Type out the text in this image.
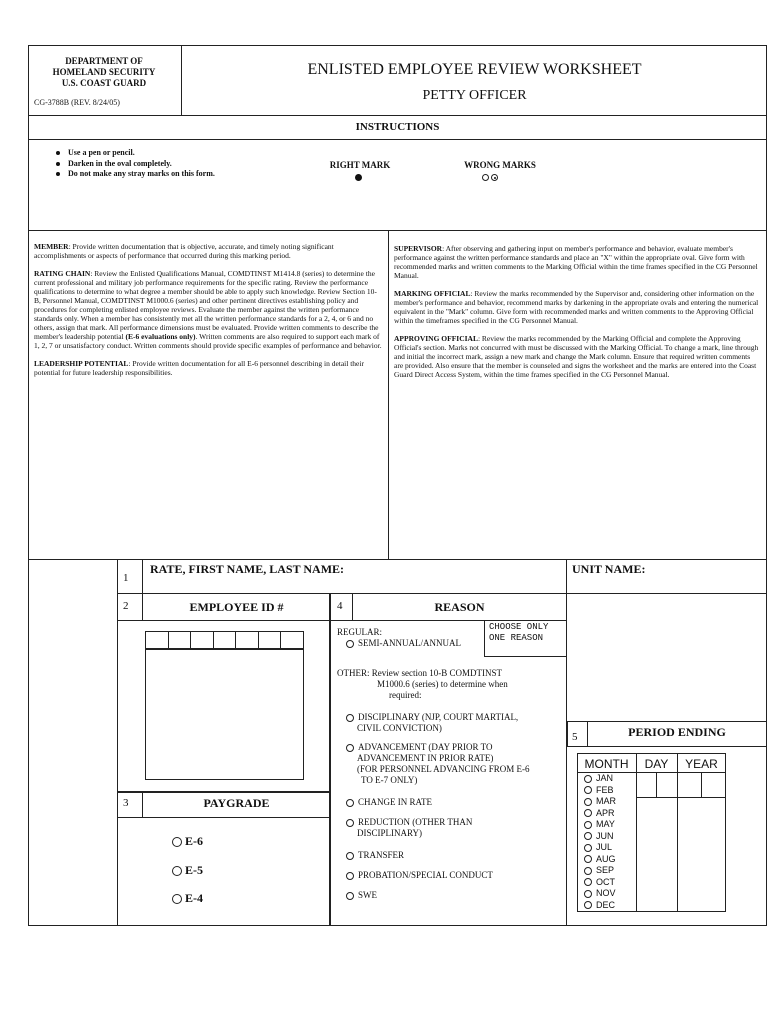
DEPARTMENT OF
HOMELAND SECURITY
U.S. COAST GUARD
CG-3788B (REV. 8/24/05)
ENLISTED EMPLOYEE REVIEW WORKSHEET
PETTY OFFICER
INSTRUCTIONS
Use a pen or pencil.
Darken in the oval completely.
Do not make any stray marks on this form.
RIGHT MARK	WRONG MARKS

MEMBER: Provide written documentation that is objective, accurate, and timely noting significant accomplishments or aspects of performance that occurred during this marking period.

RATING CHAIN: Review the Enlisted Qualifications Manual, COMDTINST M1414.8 (series) to determine the current professional and military job performance requirements for the specific rating. Review the performance qualifications to determine to what degree a member should be able to apply such knowledge. Review Section 10-B, Personnel Manual, COMDTINST M1000.6 (series) and other pertinent directives establishing policy and procedures for completing enlisted employee reviews. Evaluate the member against the written performance standards only. When a member has consistently met all the written performance standards for a 2, 4, or 6 and no others, assign that mark. All performance dimensions must be evaluated. Provide written comments to describe the member's leadership potential (E-6 evaluations only). Written comments are also required to support each mark of 1, 2, 7 or unsatisfactory conduct. Written comments should provide specific examples of performance and behavior.

LEADERSHIP POTENTIAL: Provide written documentation for all E-6 personnel describing in detail their potential for future leadership responsibilities.

SUPERVISOR: After observing and gathering input on member's performance and behavior, evaluate member's performance against the written performance standards and place an "X" within the appropriate oval. Give form with recommended marks and written comments to the Marking Official within the time frames specified in the CG Personnel Manual.

MARKING OFFICIAL: Review the marks recommended by the Supervisor and, considering other information on the member's performance and behavior, recommend marks by darkening in the appropriate ovals and entering the numerical equivalent in the "Mark" column. Give form with recommended marks and written comments to the Approving Official within the timeframes specified in the CG Personnel Manual.

APPROVING OFFICIAL: Review the marks recommended by the Marking Official and complete the Approving Official's section. Marks not concurred with must be discussed with the Marking Official. To change a mark, line through and initial the incorrect mark, assign a new mark and change the Mark column. Ensure that required written comments are provided. Also ensure that the member is counseled and signs the worksheet and the marks are entered into the Coast Guard Direct Access System, within the time frames specified in the CG Personnel Manual.

1
RATE, FIRST NAME, LAST NAME:	UNIT NAME:
2	EMPLOYEE ID #
3	PAYGRADE
E-6
E-5
E-4
4	REASON
CHOOSE ONLY ONE REASON
REGULAR:
SEMI-ANNUAL/ANNUAL
OTHER: Review section 10-B COMDTINST
M1000.6 (series) to determine when
required:
DISCIPLINARY (NJP, COURT MARTIAL,
CIVIL CONVICTION)
ADVANCEMENT (DAY PRIOR TO
ADVANCEMENT IN PRIOR RATE)
(FOR PERSONNEL ADVANCING FROM E-6
TO E-7 ONLY)
CHANGE IN RATE
REDUCTION (OTHER THAN
DISCIPLINARY)
TRANSFER
PROBATION/SPECIAL CONDUCT
SWE
5	PERIOD ENDING
MONTH	DAY	YEAR
JAN
FEB
MAR
APR
MAY
JUN
JUL
AUG
SEP
OCT
NOV
DEC
